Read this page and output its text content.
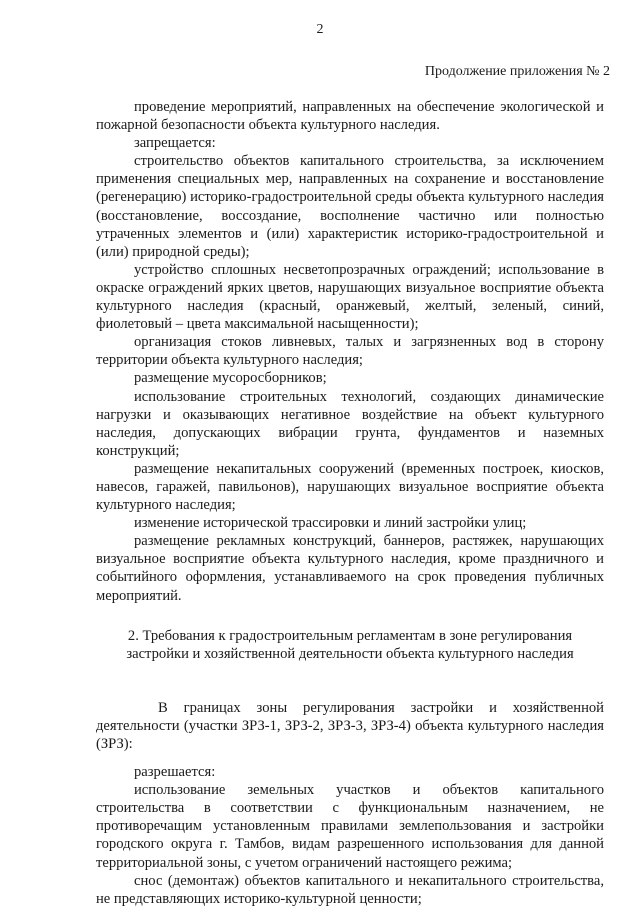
2
Продолжение приложения № 2

проведение мероприятий, направленных на обеспечение экологической и пожарной безопасности объекта культурного наследия.

запрещается:

строительство объектов капитального строительства, за исключением применения специальных мер, направленных на сохранение и восстановление (регенерацию) историко-градостроительной среды объекта культурного наследия (восстановление, воссоздание, восполнение частично или полностью утраченных элементов и (или) характеристик историко-градостроительной и (или) природной среды);

устройство сплошных несветопрозрачных ограждений; использование в окраске ограждений ярких цветов, нарушающих визуальное восприятие объекта культурного наследия (красный, оранжевый, желтый, зеленый, синий, фиолетовый – цвета максимальной насыщенности);

организация стоков ливневых, талых и загрязненных вод в сторону территории объекта культурного наследия;

размещение мусоросборников;

использование строительных технологий, создающих динамические нагрузки и оказывающих негативное воздействие на объект культурного наследия, допускающих вибрации грунта, фундаментов и наземных конструкций;

размещение некапитальных сооружений (временных построек, киосков, навесов, гаражей, павильонов), нарушающих визуальное восприятие объекта культурного наследия;

изменение исторической трассировки и линий застройки улиц;

размещение рекламных конструкций, баннеров, растяжек, нарушающих визуальное восприятие объекта культурного наследия, кроме праздничного и событийного оформления, устанавливаемого на срок проведения публичных мероприятий.

2. Требования к градостроительным регламентам в зоне регулирования застройки и хозяйственной деятельности объекта культурного наследия

В границах зоны регулирования застройки и хозяйственной деятельности (участки ЗРЗ-1, ЗРЗ-2, ЗРЗ-3, ЗРЗ-4) объекта культурного наследия (ЗРЗ):

разрешается:

использование земельных участков и объектов капитального строительства в соответствии с функциональным назначением, не противоречащим установленным правилами землепользования и застройки городского округа г. Тамбов, видам разрешенного использования для данной территориальной зоны, с учетом ограничений настоящего режима;

снос (демонтаж) объектов капитального и некапитального строительства, не представляющих историко-культурной ценности;
